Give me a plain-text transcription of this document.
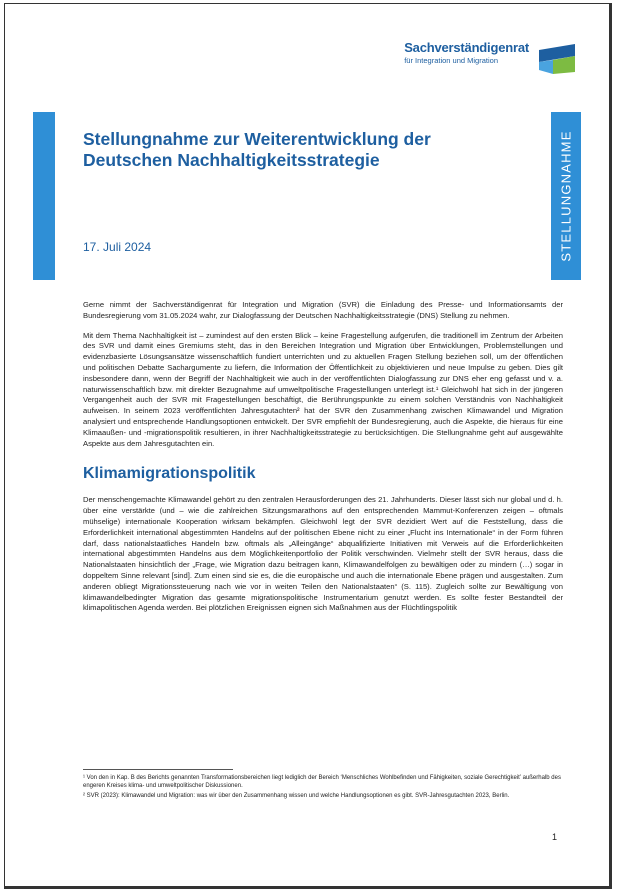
Sachverständigenrat
für Integration und Migration
STELLUNGNAHME
Stellungnahme zur Weiterentwicklung der Deutschen Nachhaltigkeitsstrategie
17. Juli 2024

Gerne nimmt der Sachverständigenrat für Integration und Migration (SVR) die Einladung des Presse- und Informationsamts der Bundesregierung vom 31.05.2024 wahr, zur Dialogfassung der Deutschen Nachhaltigkeitsstrategie (DNS) Stellung zu nehmen.

Mit dem Thema Nachhaltigkeit ist – zumindest auf den ersten Blick – keine Fragestellung aufgerufen, die traditionell im Zentrum der Arbeiten des SVR und damit eines Gremiums steht, das in den Bereichen Integration und Migration über Entwicklungen, Problemstellungen und evidenzbasierte Lösungsansätze wissenschaftlich fundiert unterrichten und zu aktuellen Fragen Stellung beziehen soll, um der öffentlichen und politischen Debatte Sachargumente zu liefern, die Information der Öffentlichkeit zu objektivieren und neue Impulse zu geben. Dies gilt insbesondere dann, wenn der Begriff der Nachhaltigkeit wie auch in der veröffentlichten Dialogfassung zur DNS eher eng gefasst und v. a. naturwissenschaftlich bzw. mit direkter Bezugnahme auf umweltpolitische Fragestellungen unterlegt ist.¹ Gleichwohl hat sich in der jüngeren Vergangenheit auch der SVR mit Fragestellungen beschäftigt, die Berührungspunkte zu einem solchen Verständnis von Nachhaltigkeit aufweisen. In seinem 2023 veröffentlichten Jahresgutachten² hat der SVR den Zusammenhang zwischen Klimawandel und Migration analysiert und entsprechende Handlungsoptionen entwickelt. Der SVR empfiehlt der Bundesregierung, auch die Aspekte, die hieraus für eine Klimaaußen- und -migrationspolitik resultieren, in ihrer Nachhaltigkeitsstrategie zu berücksichtigen. Die Stellungnahme geht auf ausgewählte Aspekte aus dem Jahresgutachten ein.

Klimamigrationspolitik

Der menschengemachte Klimawandel gehört zu den zentralen Herausforderungen des 21. Jahrhunderts. Dieser lässt sich nur global und d. h. über eine verstärkte (und – wie die zahlreichen Sitzungsmarathons auf den entsprechenden Mammut-Konferenzen zeigen – oftmals mühselige) internationale Kooperation wirksam bekämpfen. Gleichwohl legt der SVR dezidiert Wert auf die Feststellung, dass die Erforderlichkeit international abgestimmten Handelns auf der politischen Ebene nicht zu einer „Flucht ins Internationale“ in der Form führen darf, dass nationalstaatliches Handeln bzw. oftmals als „Alleingänge“ abqualifizierte Initiativen mit Verweis auf die Erforderlichkeiten international abgestimmten Handelns aus dem Möglichkeitenportfolio der Politik verschwinden. Vielmehr stellt der SVR heraus, dass die Nationalstaaten hinsichtlich der „Frage, wie Migration dazu beitragen kann, Klimawandelfolgen zu bewältigen oder zu mindern (…) sogar in doppeltem Sinne relevant [sind]. Zum einen sind sie es, die die europäische und auch die internationale Ebene prägen und ausgestalten. Zum anderen obliegt Migrationssteuerung nach wie vor in weiten Teilen den Nationalstaaten“ (S. 115). Zugleich sollte zur Bewältigung von klimawandelbedingter Migration das gesamte migrationspolitische Instrumentarium genutzt werden. Es sollte fester Bestandteil der klimapolitischen Agenda werden. Bei plötzlichen Ereignissen eignen sich Maßnahmen aus der Flüchtlingspolitik

¹ Von den in Kap. B des Berichts genannten Transformationsbereichen liegt lediglich der Bereich ‘Menschliches Wohlbefinden und Fähigkeiten, soziale Gerechtigkeit’ außerhalb des engeren Kreises klima- und umweltpolitischer Diskussionen.
² SVR (2023): Klimawandel und Migration: was wir über den Zusammenhang wissen und welche Handlungsoptionen es gibt. SVR-Jahresgutachten 2023, Berlin.
1
